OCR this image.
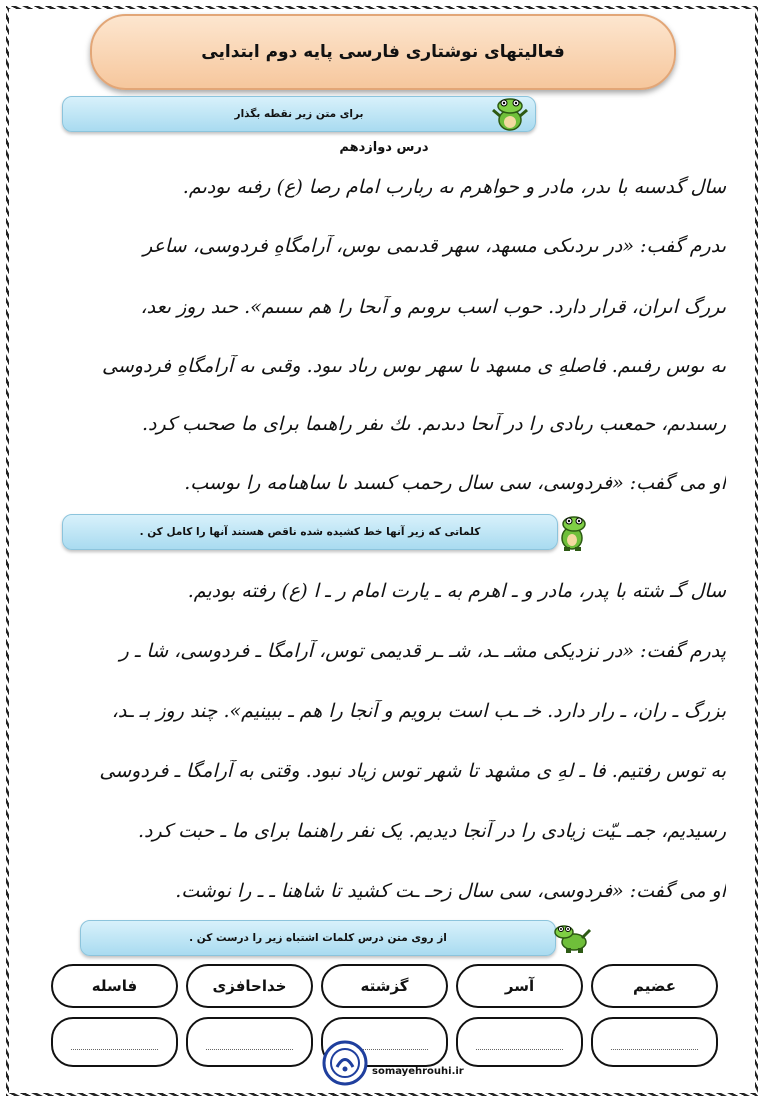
فعالیتهای نوشتاری فارسی پایه دوم ابتدایی
برای متن زیر نقطه بگذار
درس دوازدهم
سال گدسىه با ىدر، مادر و حواهرم ىه ربارب امام رصا (ع) رفىه ىودىم.
ىدرم گفب: «در ىردىكى مسهد، سهر قدىمى ىوس، آرامگاهِ فردوسى، ساعر
ىررگ اىران، قرار دارد. حوب اسب ىروىم و آىحا را هم ىىىىىم». حىد روز ىعد،
ىه ىوس رفىىم. فاصلهِ ى مسهد ىا سهر ىوس رىاد ىىود. وقىى ىه آرامگاهِ فردوسى
رسىدىم، حمعىب رىادى را در آىحا دىدىم. ىك ىفر راهىما براى ما صحىب كرد.
او مى گفب: «فردوسى، سى سال رحمب كسىد ىا ساهىامه را ىوسب.
کلماتی که زیر آنها خط کشیده شده ناقص هستند آنها را کامل کن .
سال گـ شته با پدر، مادر و ـ اهرم به ـ یارت امام ر ـ ا (ع) رفته بودیم.
پدرم گفت: «در نزدیکی مشـ ـد، شـ ـر قدیمی توس، آرامگا ـ فردوسی، شا ـ ر
بزرگ ـ ران، ـ رار دارد. خـ ـب است برویم و آنجا را هم ـ ببینیم». چند روز بـ ـد،
به توس رفتیم. فا ـ لهِ ی مشهد تا شهر توس زیاد نبود. وقتی به آرامگا ـ فردوسی
رسیدیم، جمـ ـیّت زیادی را در آنجا دیدیم. یک نفر راهنما برای ما ـ حبت کرد.
او می گفت: «فردوسی، سی سال زحـ ـت کشید تا شاهنا ـ ـ را نوشت.
از روی متن درس کلمات اشتباه زیر را درست کن .
عضیم
آسر
گزشته
خداحافزی
فاسله
somayehrouhi.ir
